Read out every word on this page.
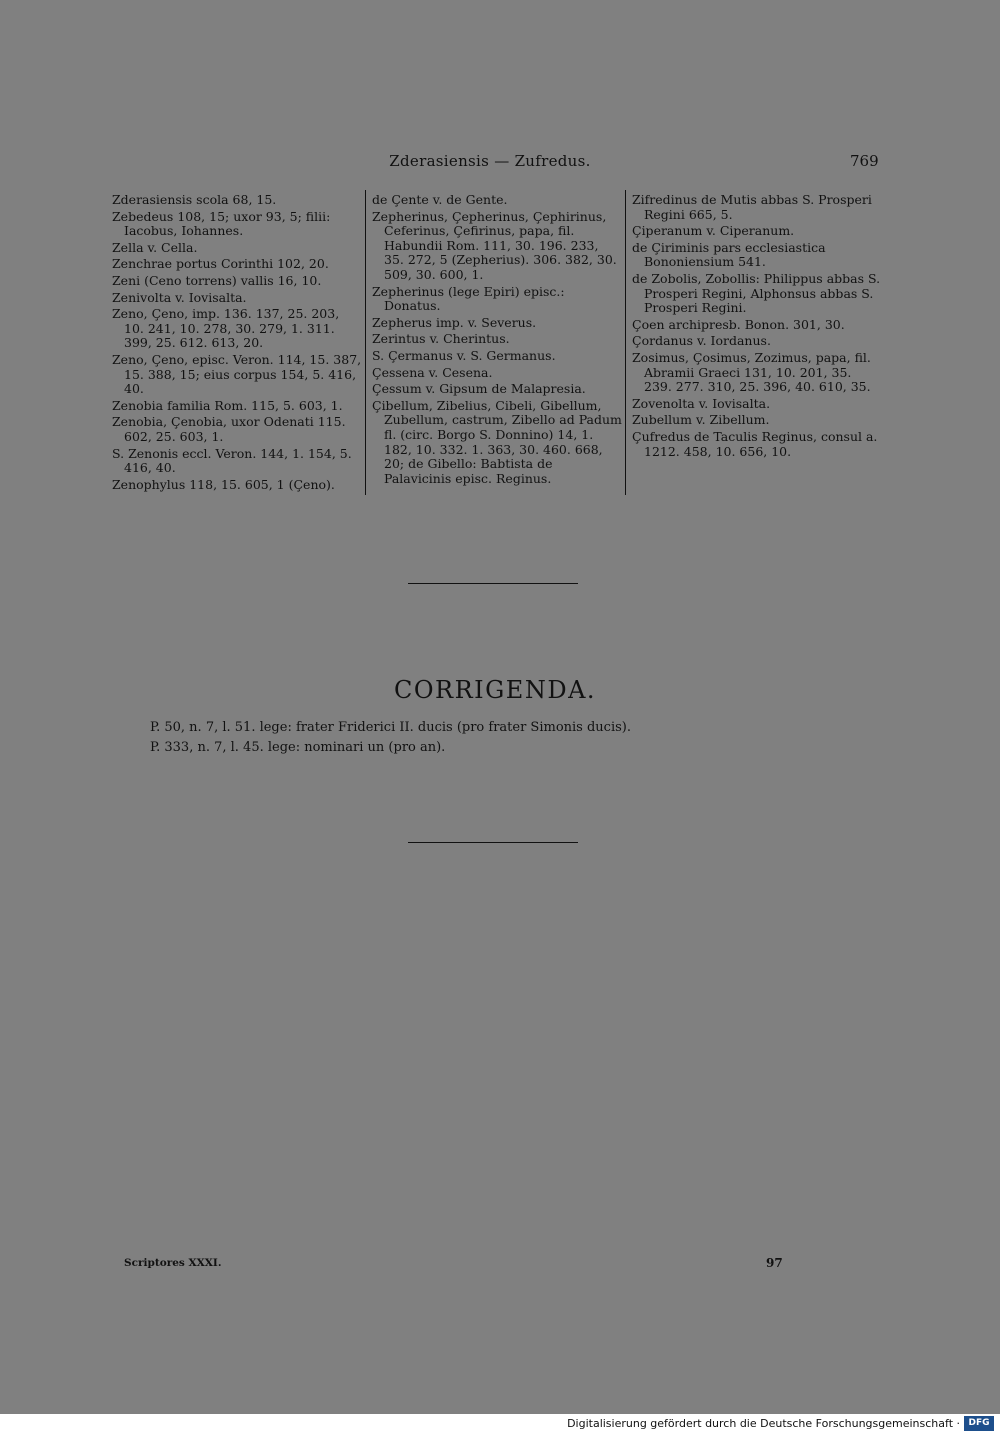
Zderasiensis — Zufredus.	769
Zderasiensis scola 68, 15.
Zebedeus 108, 15; uxor 93, 5; filii: Iacobus, Iohannes.
Zella v. Cella.
Zenchrae portus Corinthi 102, 20.
Zeni (Ceno torrens) vallis 16, 10.
Zenivolta v. Iovisalta.
Zeno, Çeno, imp. 136. 137, 25. 203, 10. 241, 10. 278, 30. 279, 1. 311. 399, 25. 612. 613, 20.
Zeno, Çeno, episc. Veron. 114, 15. 387, 15. 388, 15; eius corpus 154, 5. 416, 40.
Zenobia familia Rom. 115, 5. 603, 1.
Zenobia, Çenobia, uxor Odenati 115. 602, 25. 603, 1.
S. Zenonis eccl. Veron. 144, 1. 154, 5. 416, 40.
Zenophylus 118, 15. 605, 1 (Çeno).
de Çente v. de Gente.
Zepherinus, Çepherinus, Çephirinus, Ceferinus, Çefirinus, papa, fil. Habundii Rom. 111, 30. 196. 233, 35. 272, 5 (Zepherius). 306. 382, 30. 509, 30. 600, 1.
Zepherinus (lege Epiri) episc.: Donatus.
Zepherus imp. v. Severus.
Zerintus v. Cherintus.
S. Çermanus v. S. Germanus.
Çessena v. Cesena.
Çessum v. Gipsum de Malapresia.
Çibellum, Zibelius, Cibeli, Gibellum, Zubellum, castrum, Zibello ad Padum fl. (circ. Borgo S. Donnino) 14, 1. 182, 10. 332. 1. 363, 30. 460. 668, 20; de Gibello: Babtista de Palavicinis episc. Reginus.
Zifredinus de Mutis abbas S. Prosperi Regini 665, 5.
Çiperanum v. Ciperanum.
de Çiriminis pars ecclesiastica Bononiensium 541.
de Zobolis, Zobollis: Philippus abbas S. Prosperi Regini, Alphonsus abbas S. Prosperi Regini.
Çoen archipresb. Bonon. 301, 30.
Çordanus v. Iordanus.
Zosimus, Çosimus, Zozimus, papa, fil. Abramii Graeci 131, 10. 201, 35. 239. 277. 310, 25. 396, 40. 610, 35.
Zovenolta v. Iovisalta.
Zubellum v. Zibellum.
Çufredus de Taculis Reginus, consul a. 1212. 458, 10. 656, 10.
CORRIGENDA.
P. 50, n. 7, l. 51. lege: frater Friderici II. ducis (pro frater Simonis ducis).
P. 333, n. 7, l. 45. lege: nominari un (pro an).
Scriptores XXXI.	97
Digitalisierung gefördert durch die Deutsche Forschungsgemeinschaft · DFG
